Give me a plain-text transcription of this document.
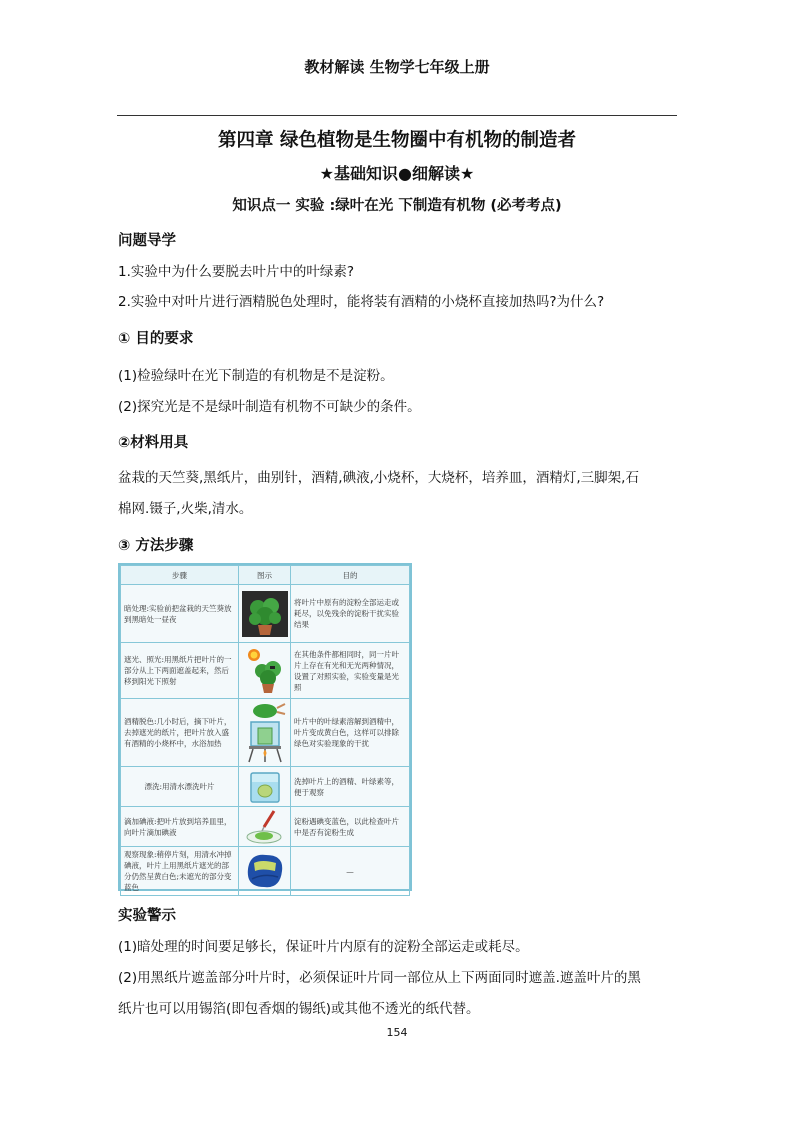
教材解读 生物学七年级上册
第四章 绿色植物是生物圈中有机物的制造者
★基础知识●细解读★
知识点一 实验 :绿叶在光 下制造有机物 (必考考点)
问题导学
1.实验中为什么要脱去叶片中的叶绿素?
2.实验中对叶片进行酒精脱色处理时，能将装有酒精的小烧杯直接加热吗?为什么?
① 目的要求
(1)检验绿叶在光下制造的有机物是不是淀粉。
(2)探究光是不是绿叶制造有机物不可缺少的条件。
②材料用具
盆栽的天竺葵,黑纸片，曲别针，酒精,碘液,小烧杯，大烧杯，培养皿，酒精灯,三脚架,石
棉网.镊子,火柴,清水。
③ 方法步骤
步骤	图示	目的
暗处理:实验前把盆栽的天竺葵放到黑暗处一昼夜		将叶片中原有的淀粉全部运走或耗尽，以免残余的淀粉干扰实验结果
遮光、照光:用黑纸片把叶片的一部分从上下两面遮盖起来，然后移到阳光下照射		在其他条件都相同时，同一片叶片上存在有光和无光两种情况，设置了对照实验，实验变量是光照
酒精脱色:几小时后，摘下叶片，去掉遮光的纸片，把叶片放入盛有酒精的小烧杯中，水浴加热		叶片中的叶绿素溶解到酒精中，叶片变成黄白色，这样可以排除绿色对实验现象的干扰
漂洗:用清水漂洗叶片		洗掉叶片上的酒精、叶绿素等，便于观察
滴加碘液:把叶片放到培养皿里，向叶片滴加碘液		淀粉遇碘变蓝色，以此检查叶片中是否有淀粉生成
观察现象:稍停片刻，用清水冲掉碘液，叶片上用黑纸片遮光的部分仍然呈黄白色;未遮光的部分变蓝色		—
实验警示
(1)暗处理的时间要足够长，保证叶片内原有的淀粉全部运走或耗尽。
(2)用黑纸片遮盖部分叶片时，必须保证叶片同一部位从上下两面同时遮盖.遮盖叶片的黑
纸片也可以用锡箔(即包香烟的锡纸)或其他不透光的纸代替。
154
